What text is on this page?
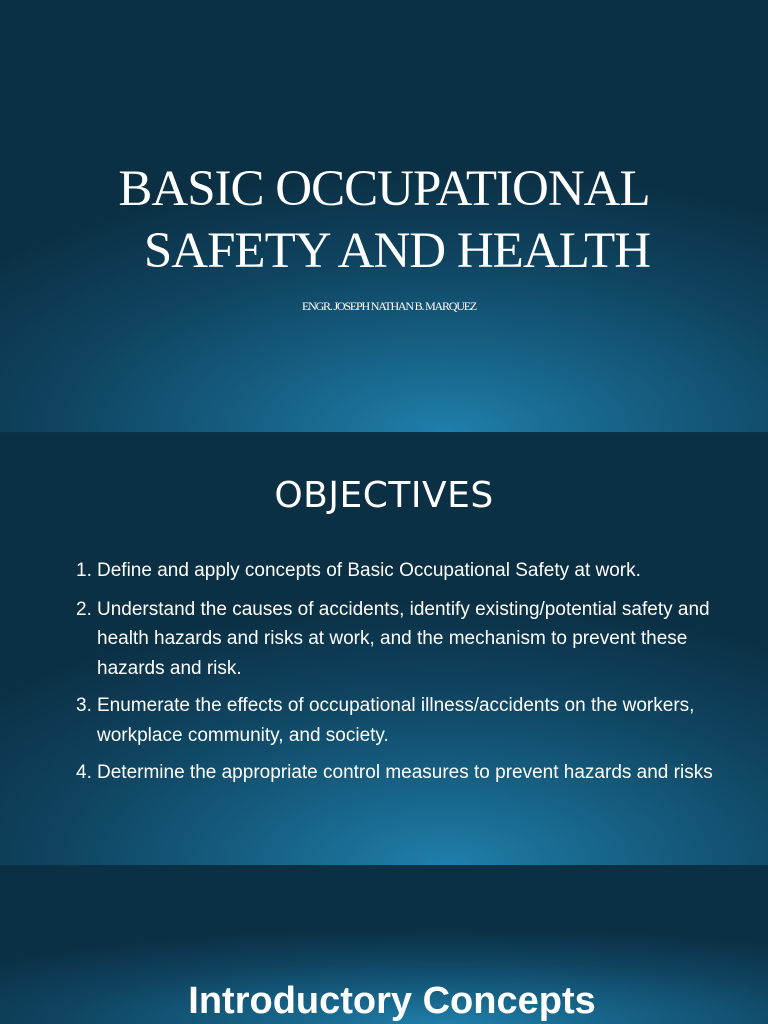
BASIC OCCUPATIONAL
SAFETY AND HEALTH
ENGR. JOSEPH NATHAN B. MARQUEZ
OBJECTIVES
1. Define and apply concepts of Basic Occupational Safety at work.
2. Understand the causes of accidents, identify existing/potential safety and health hazards and risks at work, and the mechanism to prevent these hazards and risk.
3. Enumerate the effects of occupational illness/accidents on the workers, workplace community, and society.
4. Determine the appropriate control measures to prevent hazards and risks
Introductory Concepts
